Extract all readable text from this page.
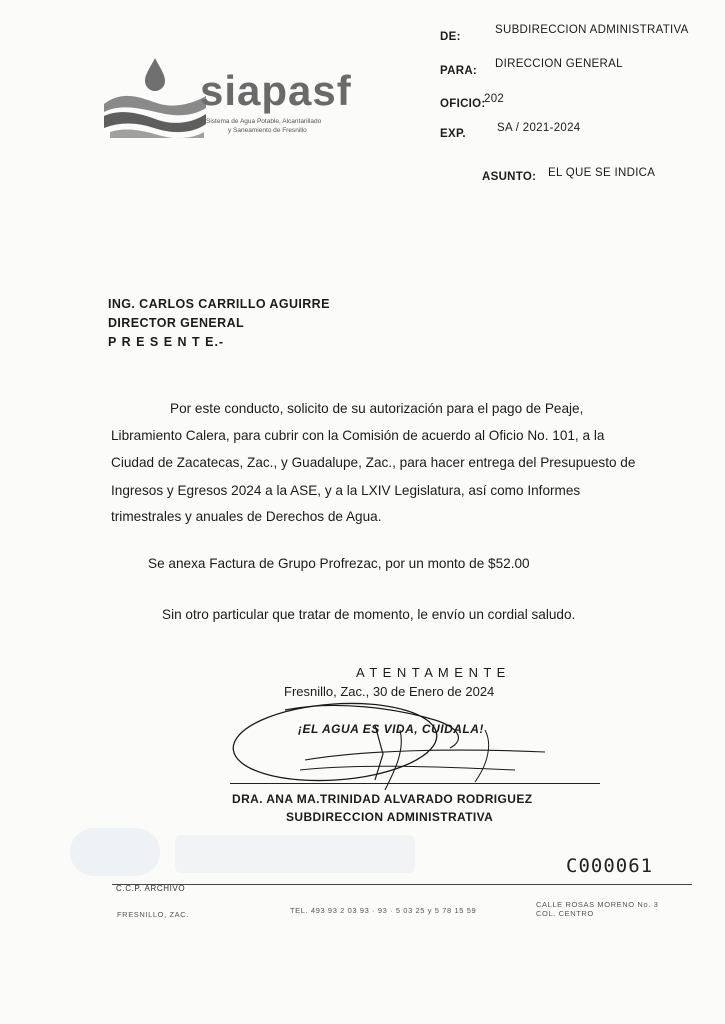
DE:
SUBDIRECCION ADMINISTRATIVA
PARA:
DIRECCION GENERAL
OFICIO:
202
EXP.	SA / 2021-2024
ASUNTO: EL QUE SE INDICA
siapasf
Sistema de Agua Potable, Alcantarillado
y Saneamiento de Fresnillo
ING. CARLOS CARRILLO AGUIRRE
DIRECTOR GENERAL
P R E S E N T E.-
Por este conducto, solicito de su autorización para el pago de Peaje,
Libramiento Calera, para cubrir con la Comisión de acuerdo al Oficio No. 101, a la
Ciudad de Zacatecas, Zac., y Guadalupe, Zac., para hacer entrega del Presupuesto de
Ingresos y Egresos 2024 a la ASE, y a la LXIV Legislatura, así como Informes
trimestrales y anuales de Derechos de Agua.
Se anexa Factura de Grupo Profrezac, por un monto de $52.00
Sin otro particular que tratar de momento, le envío un cordial saludo.
A T E N T A M E N T E
Fresnillo, Zac., 30 de Enero de 2024
¡EL AGUA ES VIDA, CUIDALA!
DRA. ANA MA.TRINIDAD ALVARADO RODRIGUEZ
SUBDIRECCION ADMINISTRATIVA
C000061
C.C.P. ARCHIVO
FRESNILLO, ZAC.	TEL. 493 93 2 03 93 · 93 · 5 03 25 y 5 78 15 59
CALLE ROSAS MORENO No. 3
COL. CENTRO
